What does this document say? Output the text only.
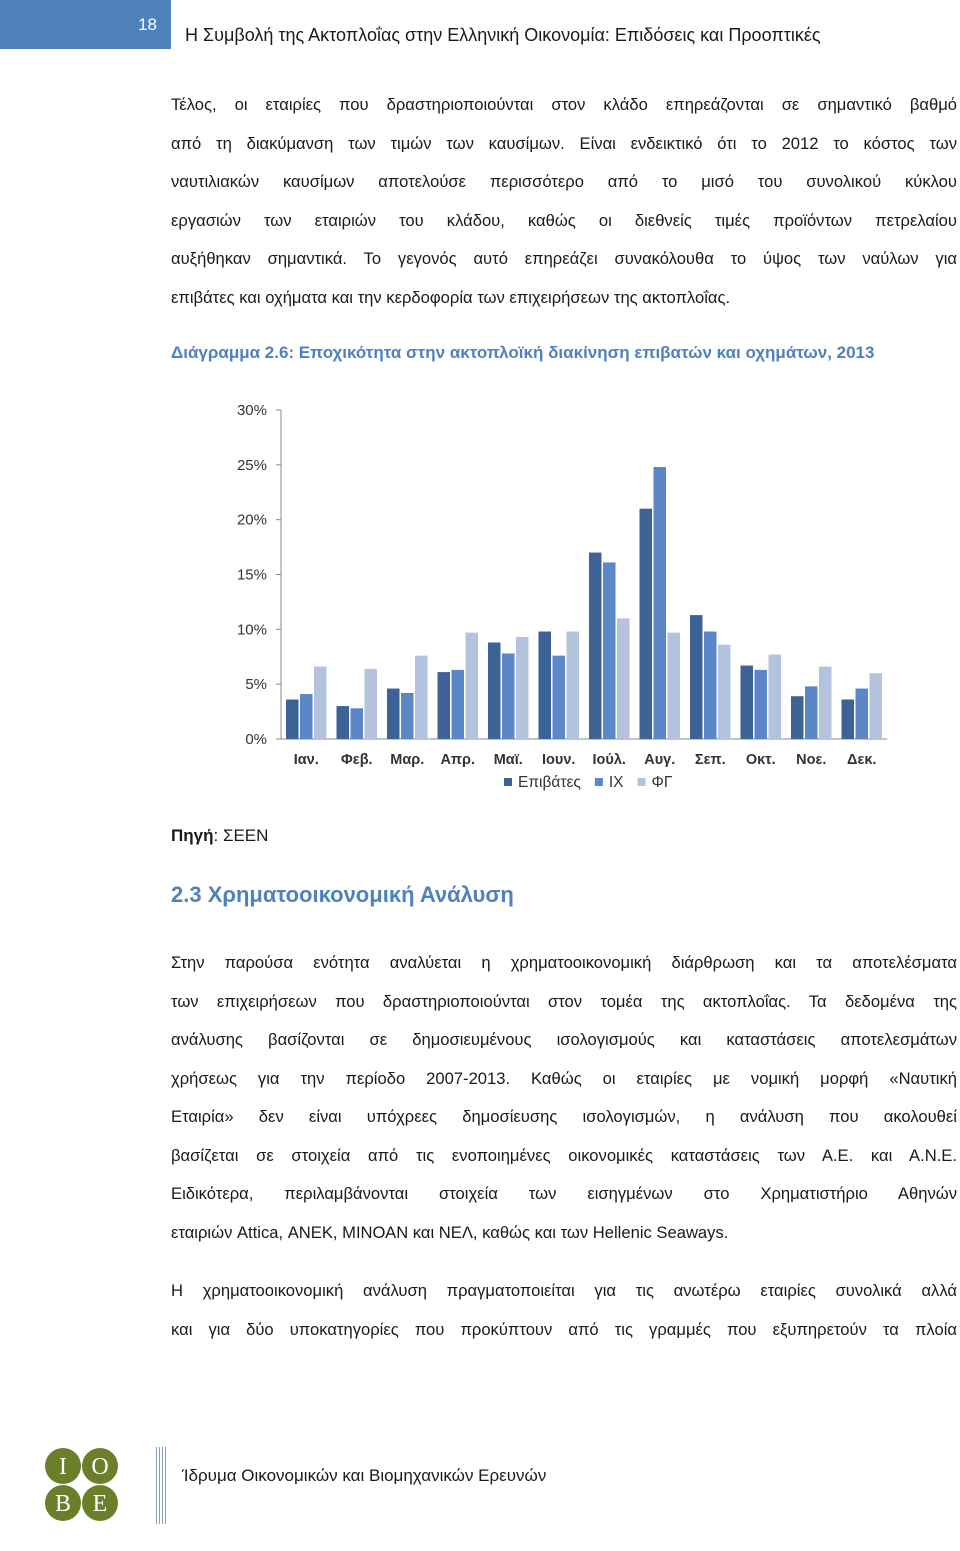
18
Η Συμβολή της Ακτοπλοΐας στην Ελληνική Οικονομία: Επιδόσεις και Προοπτικές
Τέλος, οι εταιρίες που δραστηριοποιούνται στον κλάδο επηρεάζονται σε σημαντικό βαθμό
από τη διακύμανση των τιμών των καυσίμων. Είναι ενδεικτικό ότι το 2012 το κόστος των
ναυτιλιακών καυσίμων αποτελούσε περισσότερο από το μισό του συνολικού κύκλου
εργασιών των εταιριών του κλάδου, καθώς οι διεθνείς τιμές προϊόντων πετρελαίου
αυξήθηκαν σημαντικά. Το γεγονός αυτό επηρεάζει συνακόλουθα το ύψος των ναύλων για
επιβάτες και οχήματα και την κερδοφορία των επιχειρήσεων της ακτοπλοΐας.
Διάγραμμα 2.6: Εποχικότητα στην ακτοπλοϊκή διακίνηση επιβατών και οχημάτων, 2013
0%
5%
10%
15%
20%
25%
30%
Ιαν. Φεβ. Μαρ. Απρ. Μαϊ. Ιουν. Ιούλ. Αυγ. Σεπ. Οκτ. Νοε. Δεκ.
Επιβάτες ΙΧ ΦΓ
Πηγή: ΣΕΕΝ
2.3 Χρηματοοικονομική Ανάλυση
Στην παρούσα ενότητα αναλύεται η χρηματοοικονομική διάρθρωση και τα αποτελέσματα
των επιχειρήσεων που δραστηριοποιούνται στον τομέα της ακτοπλοΐας. Τα δεδομένα της
ανάλυσης βασίζονται σε δημοσιευμένους ισολογισμούς και καταστάσεις αποτελεσμάτων
χρήσεως για την περίοδο 2007-2013. Καθώς οι εταιρίες με νομική μορφή «Ναυτική
Εταιρία» δεν είναι υπόχρεες δημοσίευσης ισολογισμών, η ανάλυση που ακολουθεί
βασίζεται σε στοιχεία από τις ενοποιημένες οικονομικές καταστάσεις των Α.Ε. και Α.Ν.Ε.
Ειδικότερα, περιλαμβάνονται στοιχεία των εισηγμένων στο Χρηματιστήριο Αθηνών
εταιριών Attica, ΑΝΕΚ, ΜΙΝΟΑΝ και ΝΕΛ, καθώς και των Hellenic Seaways.
Η χρηματοοικονομική ανάλυση πραγματοποιείται για τις ανωτέρω εταιρίες συνολικά αλλά
και για δύο υποκατηγορίες που προκύπτουν από τις γραμμές που εξυπηρετούν τα πλοία
Ι Ο
Β Ε
Ίδρυμα Οικονομικών και Βιομηχανικών Ερευνών
